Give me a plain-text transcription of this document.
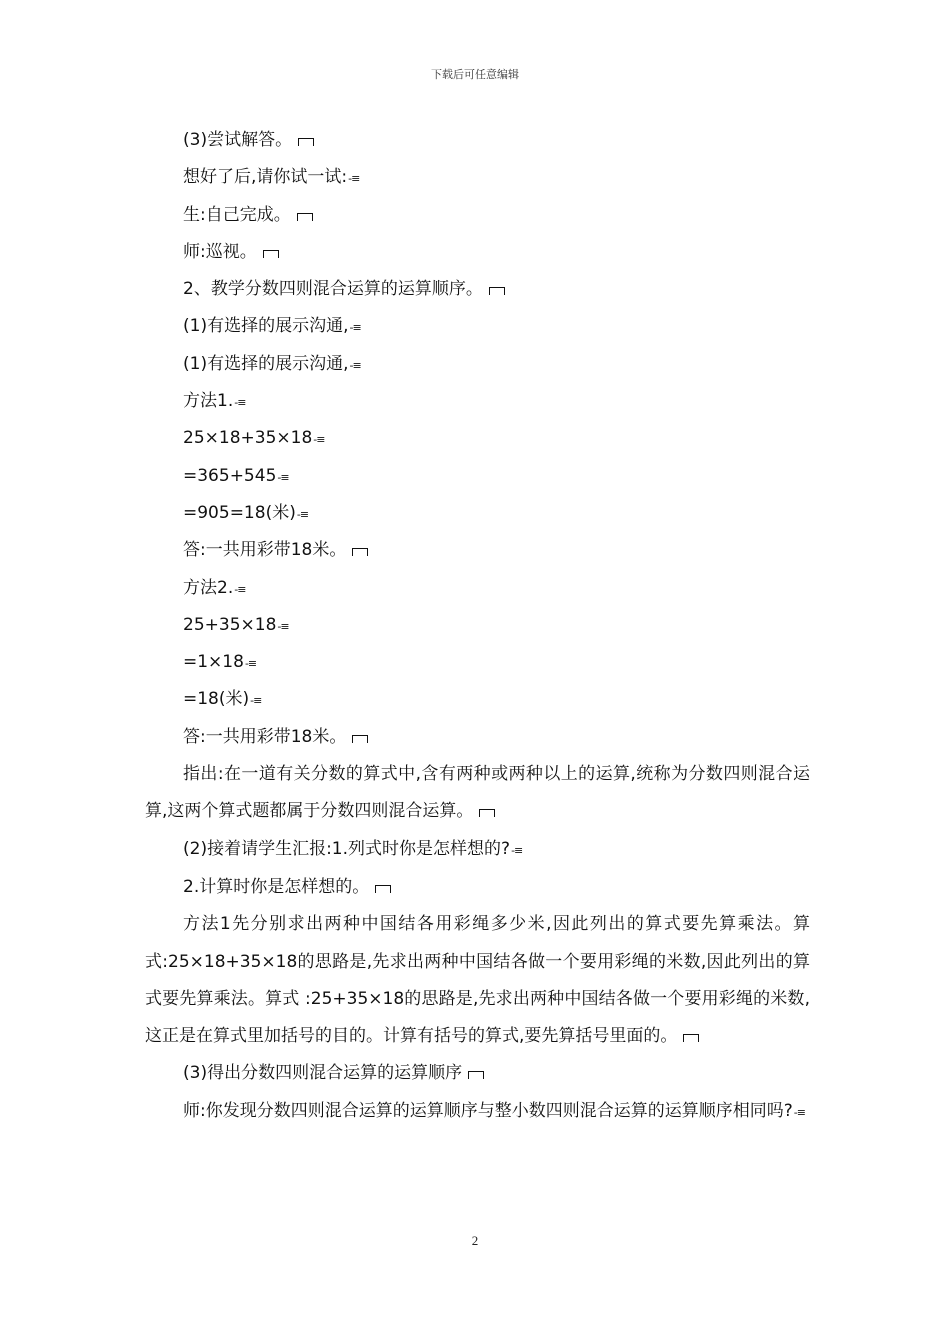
下载后可任意编辑
(3)尝试解答。
想好了后,请你试一试:-≡
生:自己完成。
师:巡视。
2、教学分数四则混合运算的运算顺序。
(1)有选择的展示沟通,-≡
(1)有选择的展示沟通,-≡
方法1.-≡
25×18+35×18-≡
=365+545-≡
=905=18(米)-≡
答:一共用彩带18米。
方法2.-≡
25+35×18-≡
=1×18-≡
=18(米)-≡
答:一共用彩带18米。
指出:在一道有关分数的算式中,含有两种或两种以上的运算,统称为分数四则混合运算,这两个算式题都属于分数四则混合运算。
(2)接着请学生汇报:1.列式时你是怎样想的?-≡
2.计算时你是怎样想的。
方法1先分别求出两种中国结各用彩绳多少米,因此列出的算式要先算乘法。算式:25×18+35×18的思路是,先求出两种中国结各做一个要用彩绳的米数,因此列出的算式要先算乘法。算式 :25+35×18的思路是,先求出两种中国结各做一个要用彩绳的米数,这正是在算式里加括号的目的。计算有括号的算式,要先算括号里面的。
(3)得出分数四则混合运算的运算顺序
师:你发现分数四则混合运算的运算顺序与整小数四则混合运算的运算顺序相同吗?-≡
2
